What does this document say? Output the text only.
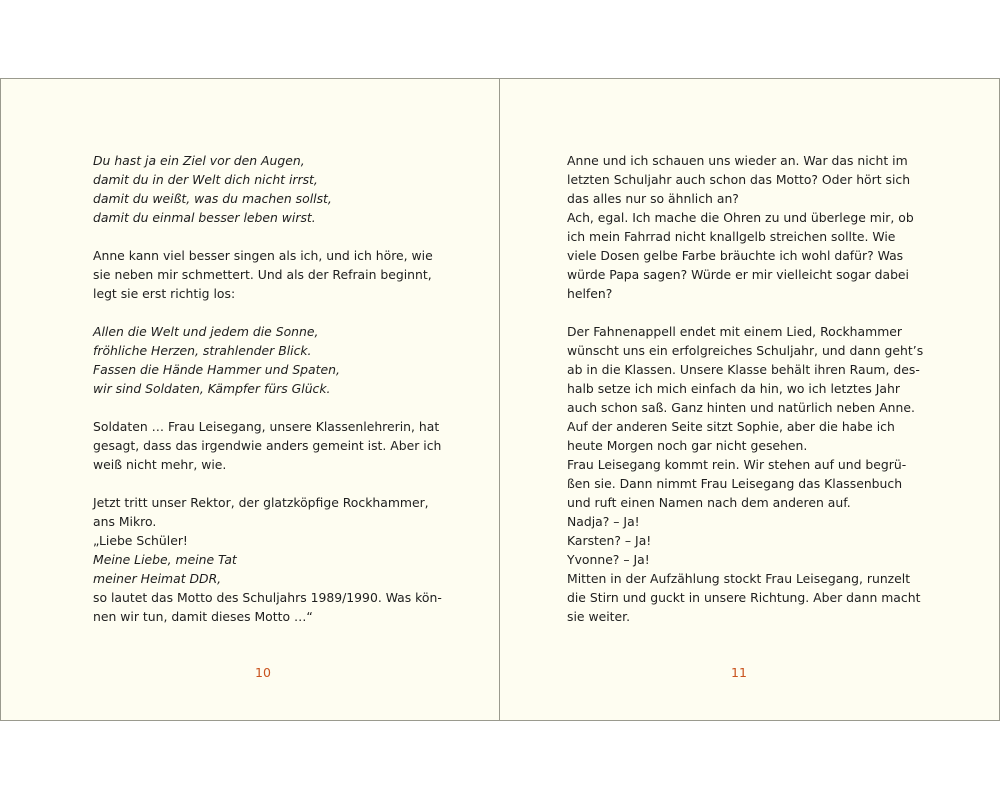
Du hast ja ein Ziel vor den Augen,
damit du in der Welt dich nicht irrst,
damit du weißt, was du machen sollst,
damit du einmal besser leben wirst.
Anne kann viel besser singen als ich, und ich höre, wie
sie neben mir schmettert. Und als der Refrain beginnt,
legt sie erst richtig los:
Allen die Welt und jedem die Sonne,
fröhliche Herzen, strahlender Blick.
Fassen die Hände Hammer und Spaten,
wir sind Soldaten, Kämpfer fürs Glück.
Soldaten … Frau Leisegang, unsere Klassenlehrerin, hat
gesagt, dass das irgendwie anders gemeint ist. Aber ich
weiß nicht mehr, wie.
Jetzt tritt unser Rektor, der glatzköpfige Rockhammer,
ans Mikro.
„Liebe Schüler!
Meine Liebe, meine Tat
meiner Heimat DDR,
so lautet das Motto des Schuljahrs 1989/1990. Was kön-
nen wir tun, damit dieses Motto …“
10
Anne und ich schauen uns wieder an. War das nicht im
letzten Schuljahr auch schon das Motto? Oder hört sich
das alles nur so ähnlich an?
Ach, egal. Ich mache die Ohren zu und überlege mir, ob
ich mein Fahrrad nicht knallgelb streichen sollte. Wie
viele Dosen gelbe Farbe bräuchte ich wohl dafür? Was
würde Papa sagen? Würde er mir vielleicht sogar dabei
helfen?
Der Fahnenappell endet mit einem Lied, Rockhammer
wünscht uns ein erfolgreiches Schuljahr, und dann geht’s
ab in die Klassen. Unsere Klasse behält ihren Raum, des-
halb setze ich mich einfach da hin, wo ich letztes Jahr
auch schon saß. Ganz hinten und natürlich neben Anne.
Auf der anderen Seite sitzt Sophie, aber die habe ich
heute Morgen noch gar nicht gesehen.
Frau Leisegang kommt rein. Wir stehen auf und begrü-
ßen sie. Dann nimmt Frau Leisegang das Klassenbuch
und ruft einen Namen nach dem anderen auf.
Nadja? – Ja!
Karsten? – Ja!
Yvonne? – Ja!
Mitten in der Aufzählung stockt Frau Leisegang, runzelt
die Stirn und guckt in unsere Richtung. Aber dann macht
sie weiter.
11
